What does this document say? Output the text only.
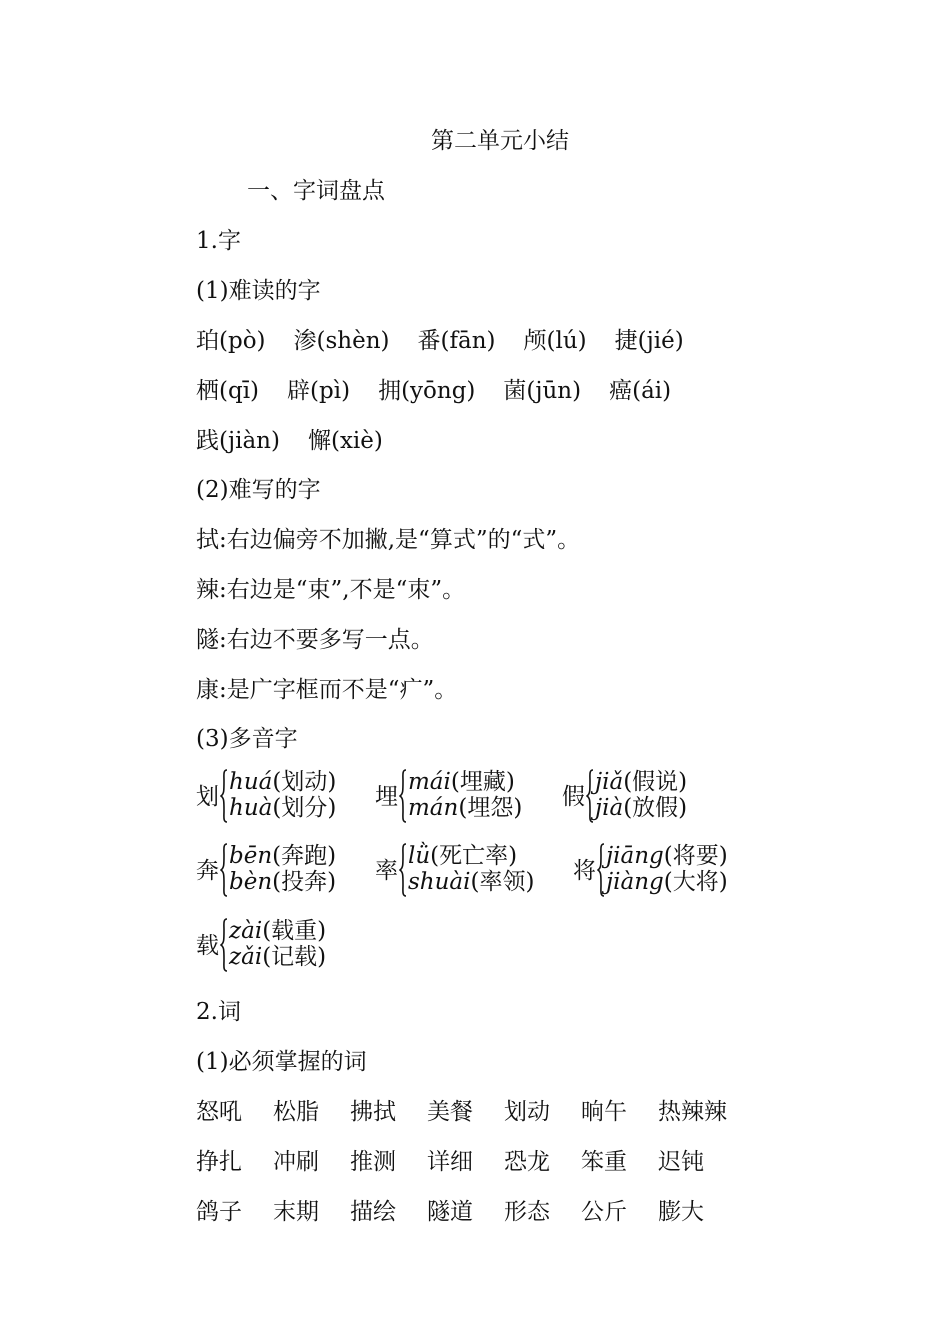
第二单元小结
一、字词盘点
1.字
(1)难读的字
珀(pò) 渗(shèn) 番(fān) 颅(lú) 捷(jié)
栖(qī) 辟(pì) 拥(yōng) 菌(jūn) 癌(ái)
践(jiàn) 懈(xiè)
(2)难写的字
拭:右边偏旁不加撇,是“算式”的“式”。
辣:右边是“束”,不是“朿”。
隧:右边不要多写一点。
康:是广字框而不是“疒”。
(3)多音字
划
huá(划动)
huà(划分) 埋
mái(埋藏)
mán(埋怨) 假
jiǎ(假说)
jià(放假)
奔
bēn(奔跑)
bèn(投奔) 率
lǜ(死亡率)
shuài(率领) 将
jiāng(将要)
jiàng(大将)
载
zài(载重)
zǎi(记载)
2.词
(1)必须掌握的词
怒吼 松脂 拂拭 美餐 划动 晌午 热辣辣
挣扎 冲刷 推测 详细 恐龙 笨重 迟钝
鸽子 末期 描绘 隧道 形态 公斤 膨大
